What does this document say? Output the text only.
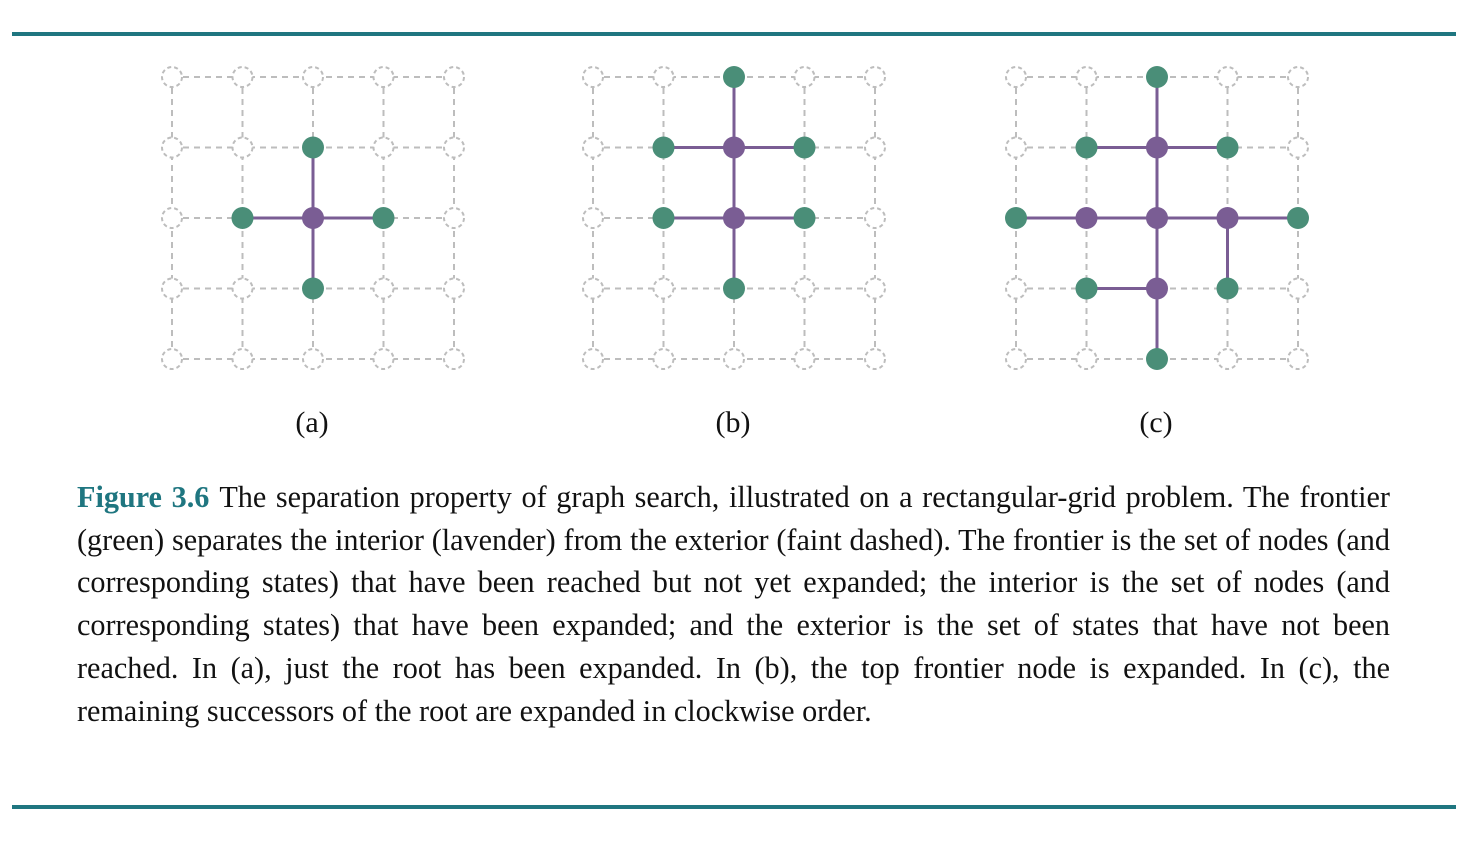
(a)	(b)	(c)
Figure 3.6 The separation property of graph search, illustrated on a rectangular-grid problem. The frontier (green) separates the interior (lavender) from the exterior (faint dashed). The frontier is the set of nodes (and corresponding states) that have been reached but not yet expanded; the interior is the set of nodes (and corresponding states) that have been expanded; and the exterior is the set of states that have not been reached. In (a), just the root has been expanded. In (b), the top frontier node is expanded. In (c), the remaining successors of the root are expanded in clockwise order.
